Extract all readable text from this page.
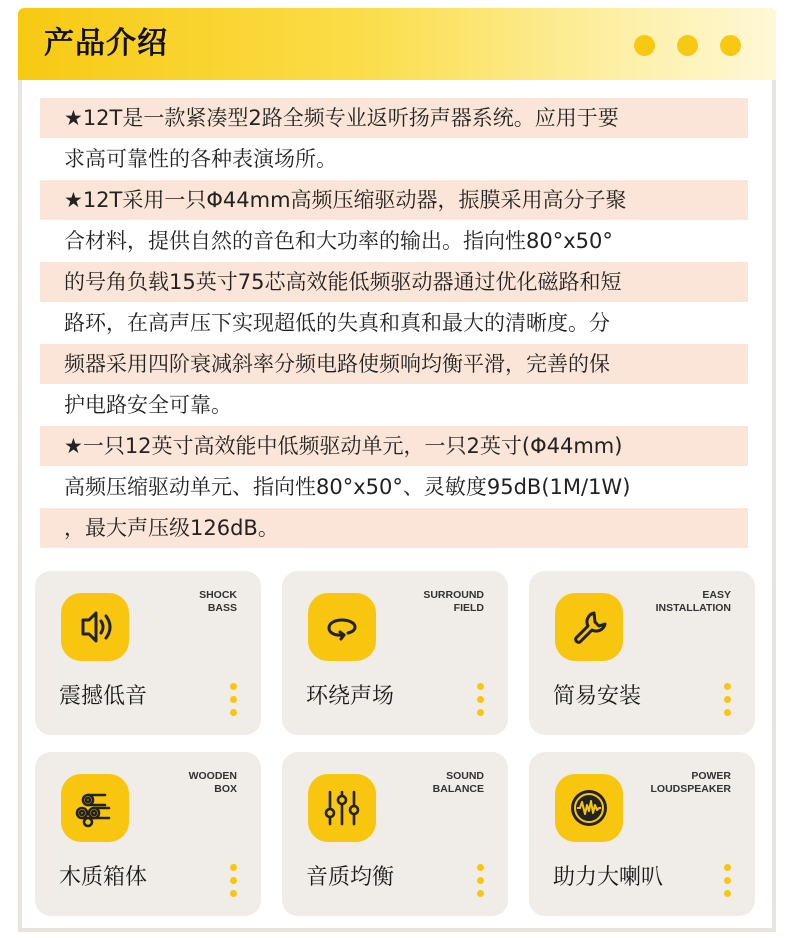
产品介绍
★12T是一款紧凑型2路全频专业返听扬声器系统。应用于要
求高可靠性的各种表演场所。
★12T采用一只Φ44mm高频压缩驱动器，振膜采用高分子聚
合材料，提供自然的音色和大功率的输出。指向性80°x50°
的号角负载15英寸75芯高效能低频驱动器通过优化磁路和短
路环，在高声压下实现超低的失真和真和最大的清晰度。分
频器采用四阶衰减斜率分频电路使频响均衡平滑，完善的保
护电路安全可靠。
★一只12英寸高效能中低频驱动单元，一只2英寸(Φ44mm)
高频压缩驱动单元、指向性80°x50°、灵敏度95dB(1M/1W)
，最大声压级126dB。
SHOCK
BASS
震撼低音
SURROUND
FIELD
环绕声场
EASY
INSTALLATION
简易安装
WOODEN
BOX
木质箱体
SOUND
BALANCE
音质均衡
POWER
LOUDSPEAKER
助力大喇叭
